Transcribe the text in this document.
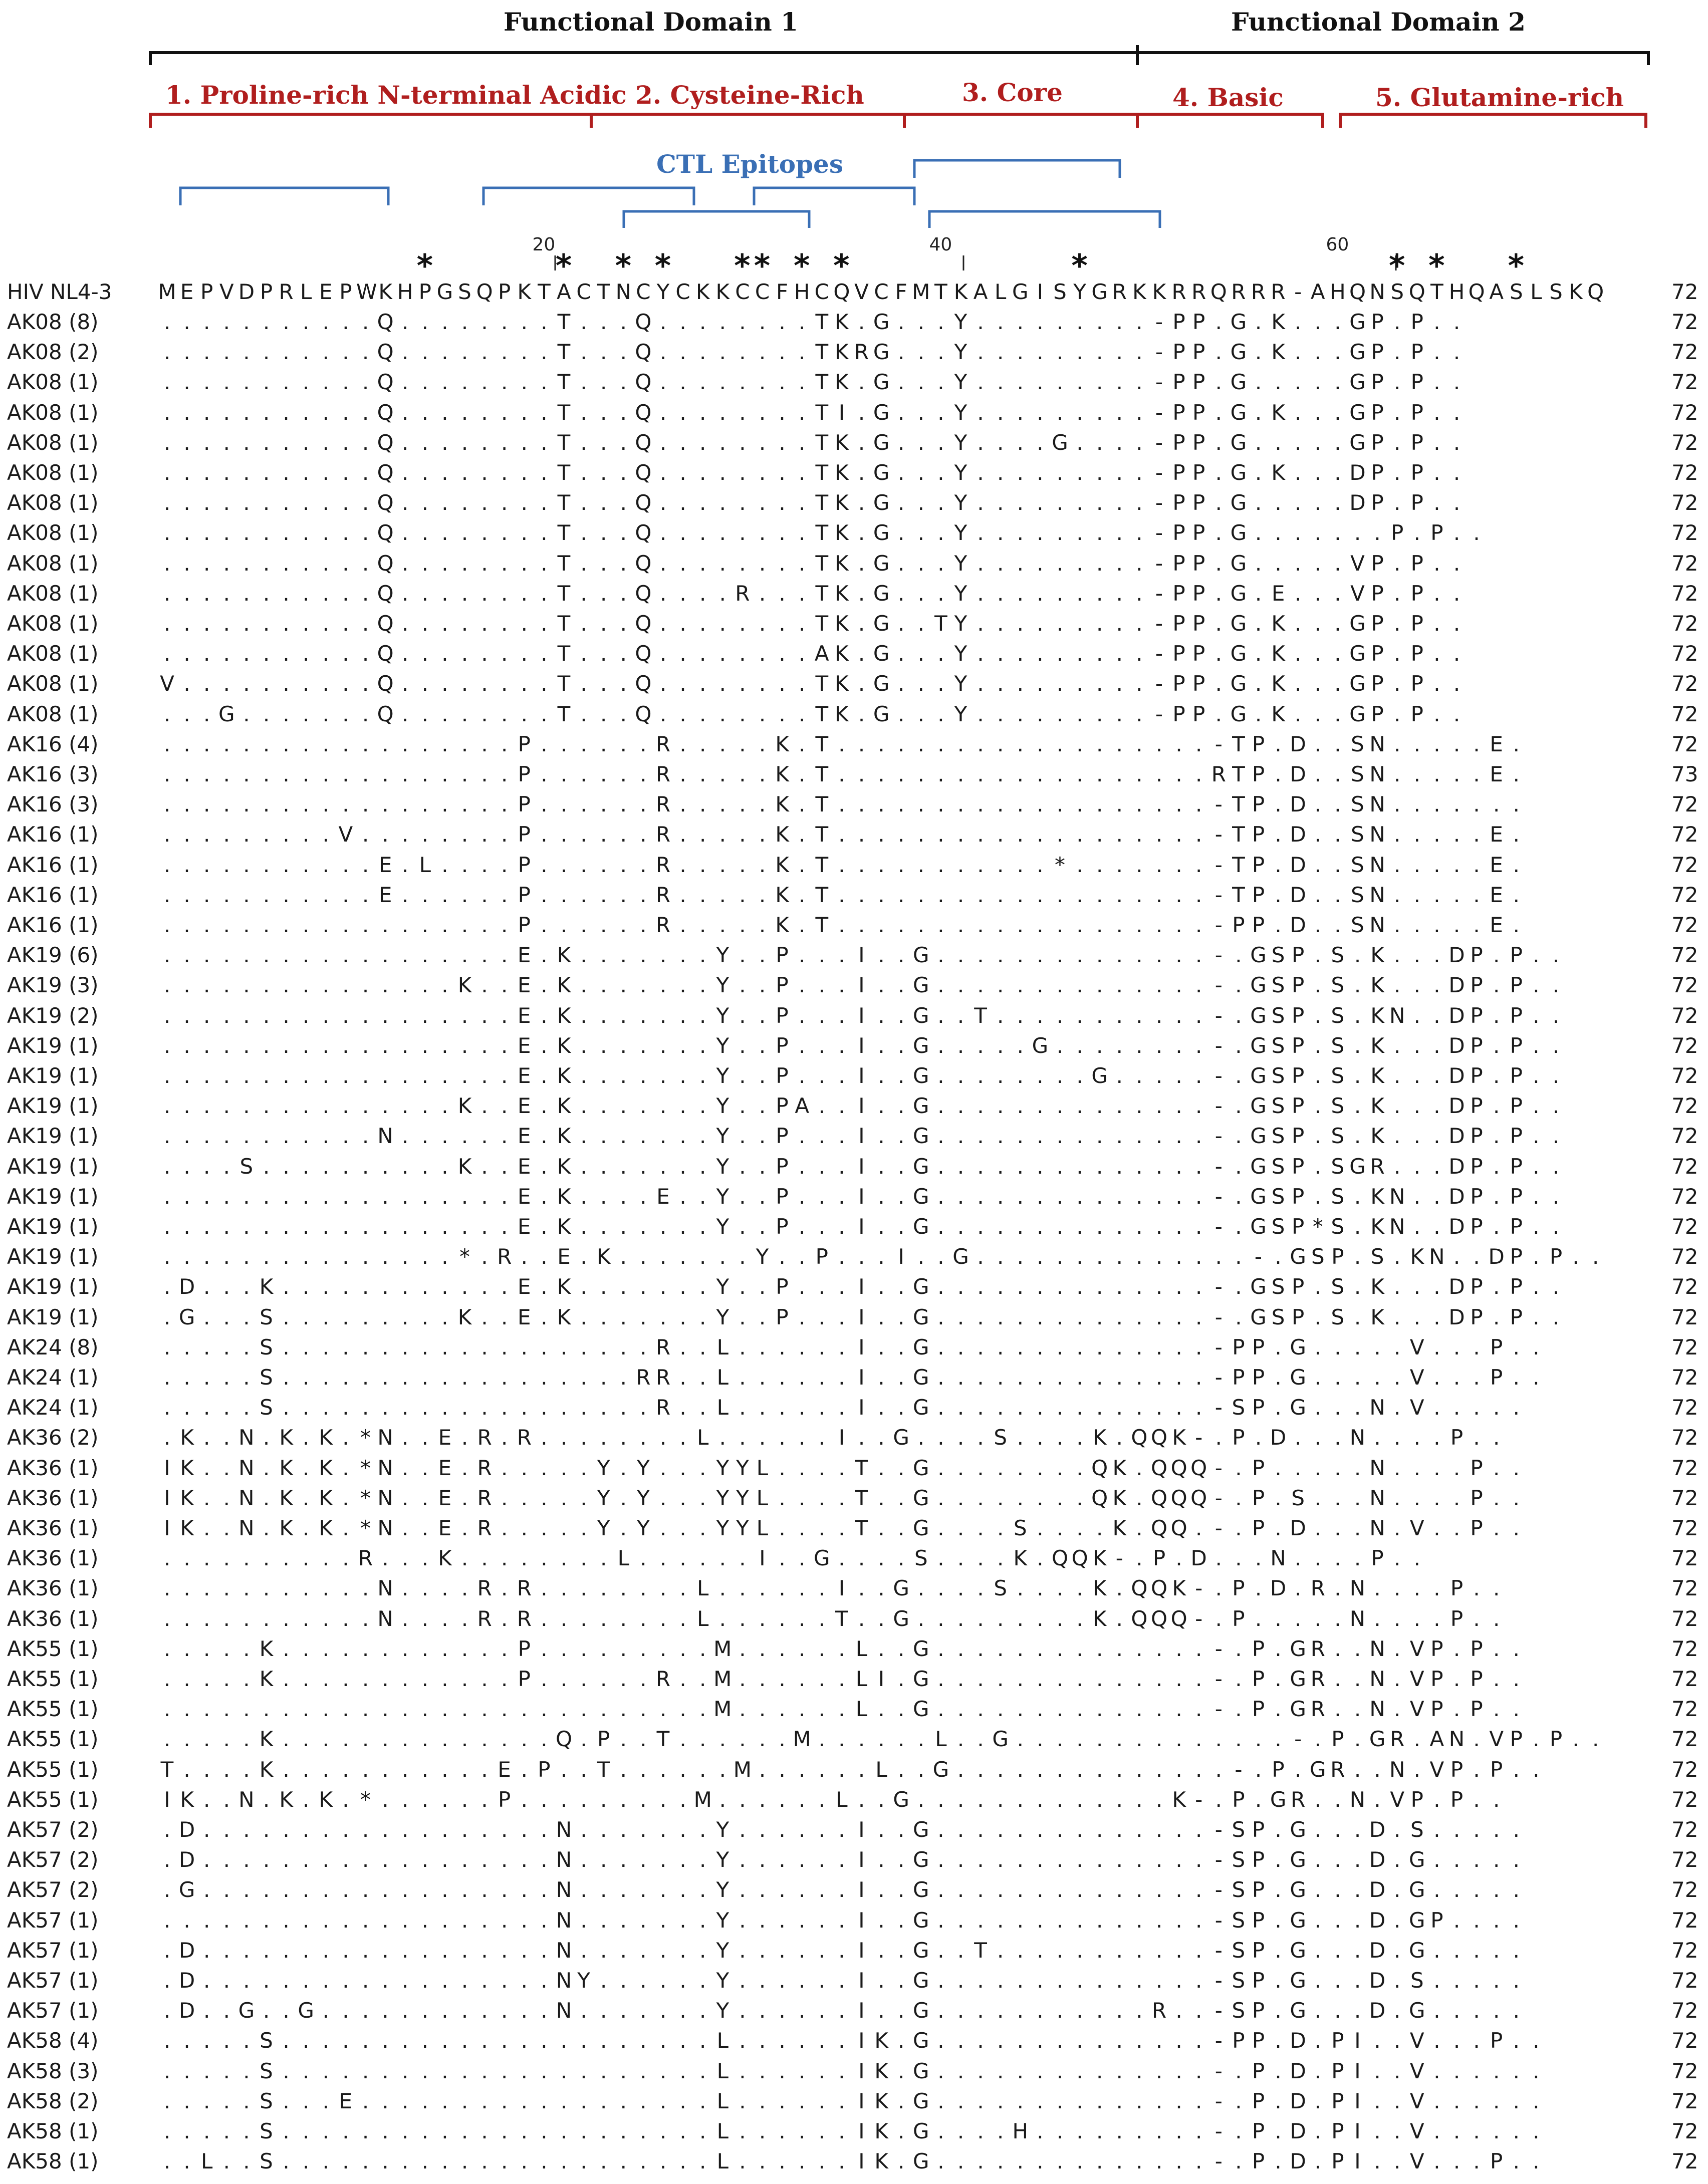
Functional Domain 1	Functional Domain 2
1. Proline-rich N-terminal Acidic 2. Cysteine-Rich	3. Core	4. Basic	5. Glutamine-rich
CTL Epitopes
20	40	60
*	* * * * * * *	*	* * *
HIV NL4-3 M E P V D P R L E P W K H P G S Q P K T A C T N C Y C K K C C F H C Q V C F M T K A L G I S Y G R K K R R Q R R R - A H Q N S Q T H Q A S L S K Q	72
AK08 (8)	. . . . . . . . . . . Q . . . . . . . . T . . . Q . . . . . . . . T K . G . . . Y . . . . . . . . . - P P . G . K . . . G P . P . .	72
AK08 (2)	. . . . . . . . . . . Q . . . . . . . . T . . . Q . . . . . . . . T K R G . . . Y . . . . . . . . . - P P . G . K . . . G P . P . .	72
AK08 (1)	. . . . . . . . . . . Q . . . . . . . . T . . . Q . . . . . . . . T K . G . . . Y . . . . . . . . . - P P . G . . . . . G P . P . .	72
AK08 (1)	. . . . . . . . . . . Q . . . . . . . . T . . . Q . . . . . . . . T I . G . . . Y . . . . . . . . . - P P . G . K . . . G P . P . .	72
AK08 (1)	. . . . . . . . . . . Q . . . . . . . . T . . . Q . . . . . . . . T K . G . . . Y . . . . G . . . . - P P . G . . . . . G P . P . .	72
AK08 (1)	. . . . . . . . . . . Q . . . . . . . . T . . . Q . . . . . . . . T K . G . . . Y . . . . . . . . . - P P . G . K . . . D P . P . .	72
AK08 (1)	. . . . . . . . . . . Q . . . . . . . . T . . . Q . . . . . . . . T K . G . . . Y . . . . . . . . . - P P . G . . . . . D P . P . .	72
AK08 (1)	. . . . . . . . . . . Q . . . . . . . . T . . . Q . . . . . . . . T K . G . . . Y . . . . . . . . . - P P . G . . . . . . . P . P . .	72
AK08 (1)	. . . . . . . . . . . Q . . . . . . . . T . . . Q . . . . . . . . T K . G . . . Y . . . . . . . . . - P P . G . . . . . V P . P . .	72
AK08 (1)	. . . . . . . . . . . Q . . . . . . . . T . . . Q . . . . R . . . T K . G . . . Y . . . . . . . . . - P P . G . E . . . V P . P . .	72
AK08 (1)	. . . . . . . . . . . Q . . . . . . . . T . . . Q . . . . . . . . T K . G . . T Y . . . . . . . . . - P P . G . K . . . G P . P . .	72
AK08 (1)	. . . . . . . . . . . Q . . . . . . . . T . . . Q . . . . . . . . A K . G . . . Y . . . . . . . . . - P P . G . K . . . G P . P . .	72
AK08 (1)	V . . . . . . . . . . Q . . . . . . . . T . . . Q . . . . . . . . T K . G . . . Y . . . . . . . . . - P P . G . K . . . G P . P . .	72
AK08 (1)	. . . G . . . . . . . Q . . . . . . . . T . . . Q . . . . . . . . T K . G . . . Y . . . . . . . . . - P P . G . K . . . G P . P . .	72
AK16 (4)	. . . . . . . . . . . . . . . . . . P . . . . . . R . . . . . K . T . . . . . . . . . . . . . . . . . . . - T P . D . . S N . . . . . E .	72
AK16 (3)	. . . . . . . . . . . . . . . . . . P . . . . . . R . . . . . K . T . . . . . . . . . . . . . . . . . . . R T P . D . . S N . . . . . E .	73
AK16 (3)	. . . . . . . . . . . . . . . . . . P . . . . . . R . . . . . K . T . . . . . . . . . . . . . . . . . . . - T P . D . . S N . . . . . . .	72
AK16 (1)	. . . . . . . . . V . . . . . . . . P . . . . . . R . . . . . K . T . . . . . . . . . . . . . . . . . . . - T P . D . . S N . . . . . E .	72
AK16 (1)	. . . . . . . . . . . E . L . . . . P . . . . . . R . . . . . K . T . . . . . . . . . . . * . . . . . . . - T P . D . . S N . . . . . E .	72
AK16 (1)	. . . . . . . . . . . E . . . . . . P . . . . . . R . . . . . K . T . . . . . . . . . . . . . . . . . . . - T P . D . . S N . . . . . E .	72
AK16 (1)	. . . . . . . . . . . . . . . . . . P . . . . . . R . . . . . K . T . . . . . . . . . . . . . . . . . . . - P P . D . . S N . . . . . E .	72
AK19 (6)	. . . . . . . . . . . . . . . . . . E . K . . . . . . . Y . . P . . . I . . G . . . . . . . . . . . . . . - . G S P . S . K . . . D P . P . .	72
AK19 (3)	. . . . . . . . . . . . . . . K . . E . K . . . . . . . Y . . P . . . I . . G . . . . . . . . . . . . . . - . G S P . S . K . . . D P . P . .	72
AK19 (2)	. . . . . . . . . . . . . . . . . . E . K . . . . . . . Y . . P . . . I . . G . . T . . . . . . . . . . . - . G S P . S . K N . . D P . P . .	72
AK19 (1)	. . . . . . . . . . . . . . . . . . E . K . . . . . . . Y . . P . . . I . . G . . . . . G . . . . . . . . - . G S P . S . K . . . D P . P . .	72
AK19 (1)	. . . . . . . . . . . . . . . . . . E . K . . . . . . . Y . . P . . . I . . G . . . . . . . . G . . . . . - . G S P . S . K . . . D P . P . .	72
AK19 (1)	. . . . . . . . . . . . . . . K . . E . K . . . . . . . Y . . P A . . I . . G . . . . . . . . . . . . . . - . G S P . S . K . . . D P . P . .	72
AK19 (1)	. . . . . . . . . . . N . . . . . . E . K . . . . . . . Y . . P . . . I . . G . . . . . . . . . . . . . . - . G S P . S . K . . . D P . P . .	72
AK19 (1)	. . . . S . . . . . . . . . . K . . E . K . . . . . . . Y . . P . . . I . . G . . . . . . . . . . . . . . - . G S P . S G R . . . D P . P . .	72
AK19 (1)	. . . . . . . . . . . . . . . . . . E . K . . . . E . . Y . . P . . . I . . G . . . . . . . . . . . . . . - . G S P . S . K N . . D P . P . .	72
AK19 (1)	. . . . . . . . . . . . . . . . . . E . K . . . . . . . Y . . P . . . I . . G . . . . . . . . . . . . . . - . G S P * S . K N . . D P . P . .	72
AK19 (1)	. . . . . . . . . . . . . . . * . R . . E . K . . . . . . . Y . . P . . . I . . G . . . . . . . . . . . . . . - . G S P . S . K N . . D P . P . .	72
AK19 (1)	. D . . . K . . . . . . . . . . . . E . K . . . . . . . Y . . P . . . I . . G . . . . . . . . . . . . . . - . G S P . S . K . . . D P . P . .	72
AK19 (1)	. G . . . S . . . . . . . . . K . . E . K . . . . . . . Y . . P . . . I . . G . . . . . . . . . . . . . . - . G S P . S . K . . . D P . P . .	72
AK24 (8)	. . . . . S . . . . . . . . . . . . . . . . . . . R . . L . . . . . . I . . G . . . . . . . . . . . . . . - P P . G . . . . . V . . . P . .	72
AK24 (1)	. . . . . S . . . . . . . . . . . . . . . . . . R R . . L . . . . . . I . . G . . . . . . . . . . . . . . - P P . G . . . . . V . . . P . .	72
AK24 (1)	. . . . . S . . . . . . . . . . . . . . . . . . . R . . L . . . . . . I . . G . . . . . . . . . . . . . . - S P . G . . . N . V . . . . .	72
AK36 (2)	. K . . N . K . K . * N . . E . R . R . . . . . . . . L . . . . . . I . . G . . . . S . . . . K . Q Q K - . P . D . . . N . . . . P . .	72
AK36 (1)	I K . . N . K . K . * N . . E . R . . . . . Y . Y . . . Y Y L . . . . T . . G . . . . . . . . Q K . Q Q Q - . P . . . . . N . . . . P . .	72
AK36 (1)	I K . . N . K . K . * N . . E . R . . . . . Y . Y . . . Y Y L . . . . T . . G . . . . . . . . Q K . Q Q Q - . P . S . . . N . . . . P . .	72
AK36 (1)	I K . . N . K . K . * N . . E . R . . . . . Y . Y . . . Y Y L . . . . T . . G . . . . S . . . . K . Q Q . - . P . D . . . N . V . . P . .	72
AK36 (1)	. . . . . . . . . . R . . . K . . . . . . . . L . . . . . . I . . G . . . . S . . . . K . Q Q K - . P . D . . . N . . . . P . .	72
AK36 (1)	. . . . . . . . . . . N . . . . R . R . . . . . . . . L . . . . . . I . . G . . . . S . . . . K . Q Q K - . P . D . R . N . . . . P . .	72
AK36 (1)	. . . . . . . . . . . N . . . . R . R . . . . . . . . L . . . . . . T . . G . . . . . . . . . K . Q Q Q - . P . . . . . N . . . . P . .	72
AK55 (1)	. . . . . K . . . . . . . . . . . . P . . . . . . . . . M . . . . . . L . . G . . . . . . . . . . . . . . - . P . G R . . N . V P . P . .	72
AK55 (1)	. . . . . K . . . . . . . . . . . . P . . . . . . R . . M . . . . . . L I . G . . . . . . . . . . . . . . - . P . G R . . N . V P . P . .	72
AK55 (1)	. . . . . . . . . . . . . . . . . . . . . . . . . . . . M . . . . . . L . . G . . . . . . . . . . . . . . - . P . G R . . N . V P . P . .	72
AK55 (1)	. . . . . K . . . . . . . . . . . . . . Q . P . . T . . . . . . M . . . . . . L . . G . . . . . . . . . . . . . . - . P . G R . A N . V P . P . .	72
AK55 (1)	T . . . . K . . . . . . . . . . . E . P . . T . . . . . . M . . . . . . L . . G . . . . . . . . . . . . . . - . P . G R . . N . V P . P . .	72
AK55 (1)	I K . . N . K . K . * . . . . . . P . . . . . . . . . M . . . . . . L . . G . . . . . . . . . . . . . K - . P . G R . . N . V P . P . .	72
AK57 (2)	. D . . . . . . . . . . . . . . . . . . N . . . . . . . Y . . . . . . I . . G . . . . . . . . . . . . . . - S P . G . . . D . S . . . . .	72
AK57 (2)	. D . . . . . . . . . . . . . . . . . . N . . . . . . . Y . . . . . . I . . G . . . . . . . . . . . . . . - S P . G . . . D . G . . . . .	72
AK57 (2)	. G . . . . . . . . . . . . . . . . . . N . . . . . . . Y . . . . . . I . . G . . . . . . . . . . . . . . - S P . G . . . D . G . . . . .	72
AK57 (1)	. . . . . . . . . . . . . . . . . . . . N . . . . . . . Y . . . . . . I . . G . . . . . . . . . . . . . . - S P . G . . . D . G P . . . .	72
AK57 (1)	. D . . . . . . . . . . . . . . . . . . N . . . . . . . Y . . . . . . I . . G . . T . . . . . . . . . . . - S P . G . . . D . G . . . . .	72
AK57 (1)	. D . . . . . . . . . . . . . . . . . . N Y . . . . . . Y . . . . . . I . . G . . . . . . . . . . . . . . - S P . G . . . D . S . . . . .	72
AK57 (1)	. D . . G . . G . . . . . . . . . . . . N . . . . . . . Y . . . . . . I . . G . . . . . . . . . . . R . . - S P . G . . . D . G . . . . .	72
AK58 (4)	. . . . . S . . . . . . . . . . . . . . . . . . . . . . L . . . . . . I K . G . . . . . . . . . . . . . . - P P . D . P I . . V . . . P . .	72
AK58 (3)	. . . . . S . . . . . . . . . . . . . . . . . . . . . . L . . . . . . I K . G . . . . . . . . . . . . . . - . P . D . P I . . V . . . . . .	72
AK58 (2)	. . . . . S . . . E . . . . . . . . . . . . . . . . . . L . . . . . . I K . G . . . . . . . . . . . . . . - . P . D . P I . . V . . . . . .	72
AK58 (1)	. . . . . S . . . . . . . . . . . . . . . . . . . . . . L . . . . . . I K . G . . . . H . . . . . . . . . - . P . D . P I . . V . . . . . .	72
AK58 (1)	. . L . . S . . . . . . . . . . . . . . . . . . . . . . L . . . . . . I K . G . . . . . . . . . . . . . . - . P . D . P I . . V . . . P . .	72
